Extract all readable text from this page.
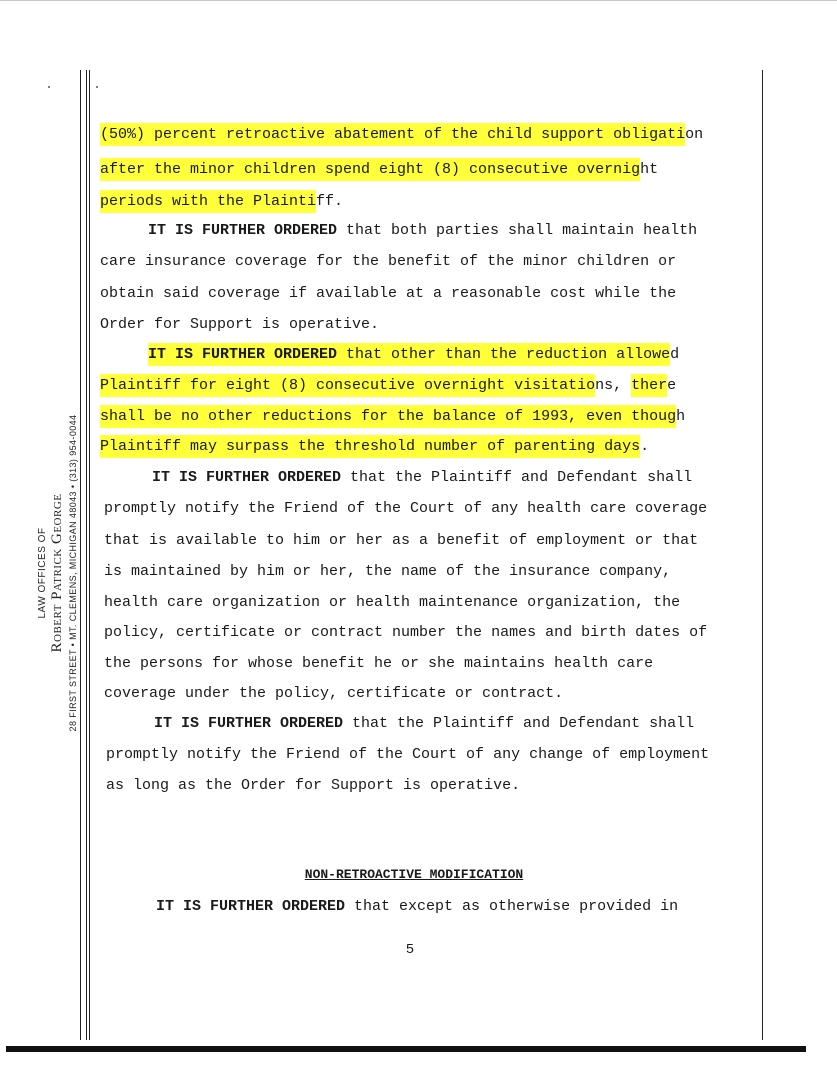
LAW OFFICES OF Robert Patrick George 28 FIRST STREET • MT. CLEMENS, MICHIGAN 48043 • (313) 954-0044
(50%) percent retroactive abatement of the child support obligation
after the minor children spend eight (8) consecutive overnight
periods with the Plaintiff.
IT IS FURTHER ORDERED that both parties shall maintain health
care insurance coverage for the benefit of the minor children or
obtain said coverage if available at a reasonable cost while the
Order for Support is operative.
IT IS FURTHER ORDERED that other than the reduction allowed
Plaintiff for eight (8) consecutive overnight visitations, there
shall be no other reductions for the balance of 1993, even though
Plaintiff may surpass the threshold number of parenting days.
IT IS FURTHER ORDERED that the Plaintiff and Defendant shall
promptly notify the Friend of the Court of any health care coverage
that is available to him or her as a benefit of employment or that
is maintained by him or her, the name of the insurance company,
health care organization or health maintenance organization, the
policy, certificate or contract number the names and birth dates of
the persons for whose benefit he or she maintains health care
coverage under the policy, certificate or contract.
IT IS FURTHER ORDERED that the Plaintiff and Defendant shall
promptly notify the Friend of the Court of any change of employment
as long as the Order for Support is operative.
NON-RETROACTIVE MODIFICATION
IT IS FURTHER ORDERED that except as otherwise provided in
5
